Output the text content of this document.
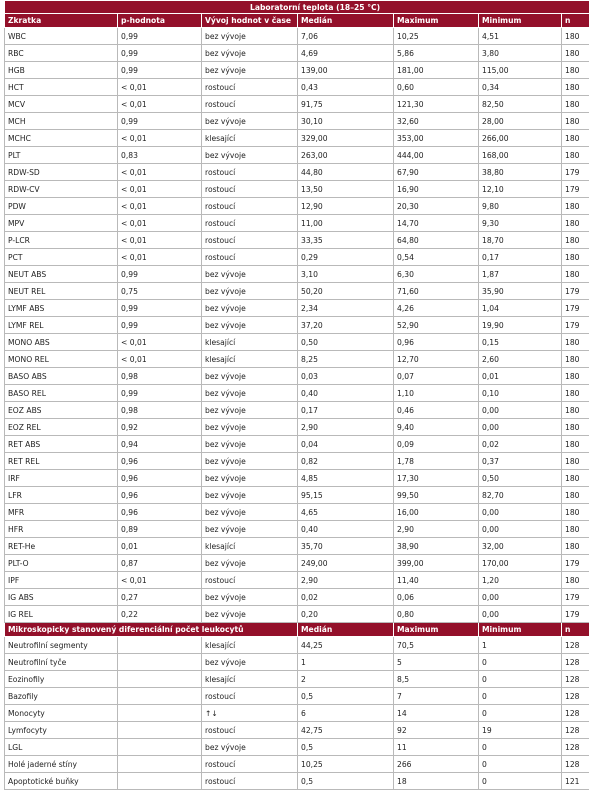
Laboratorní teplota (18–25 °C)						
Zkratka	p-hodnota	Vývoj hodnot v čase	Medián	Maximum	Minimum	n
WBC	0,99	bez vývoje	7,06	10,25	4,51	180
RBC	0,99	bez vývoje	4,69	5,86	3,80	180
HGB	0,99	bez vývoje	139,00	181,00	115,00	180
HCT	< 0,01	rostoucí	0,43	0,60	0,34	180
MCV	< 0,01	rostoucí	91,75	121,30	82,50	180
MCH	0,99	bez vývoje	30,10	32,60	28,00	180
MCHC	< 0,01	klesající	329,00	353,00	266,00	180
PLT	0,83	bez vývoje	263,00	444,00	168,00	180
RDW-SD	< 0,01	rostoucí	44,80	67,90	38,80	179
RDW-CV	< 0,01	rostoucí	13,50	16,90	12,10	179
PDW	< 0,01	rostoucí	12,90	20,30	9,80	180
MPV	< 0,01	rostoucí	11,00	14,70	9,30	180
P-LCR	< 0,01	rostoucí	33,35	64,80	18,70	180
PCT	< 0,01	rostoucí	0,29	0,54	0,17	180
NEUT ABS	0,99	bez vývoje	3,10	6,30	1,87	180
NEUT REL	0,75	bez vývoje	50,20	71,60	35,90	179
LYMF ABS	0,99	bez vývoje	2,34	4,26	1,04	179
LYMF REL	0,99	bez vývoje	37,20	52,90	19,90	179
MONO ABS	< 0,01	klesající	0,50	0,96	0,15	180
MONO REL	< 0,01	klesající	8,25	12,70	2,60	180
BASO ABS	0,98	bez vývoje	0,03	0,07	0,01	180
BASO REL	0,99	bez vývoje	0,40	1,10	0,10	180
EOZ ABS	0,98	bez vývoje	0,17	0,46	0,00	180
EOZ REL	0,92	bez vývoje	2,90	9,40	0,00	180
RET ABS	0,94	bez vývoje	0,04	0,09	0,02	180
RET REL	0,96	bez vývoje	0,82	1,78	0,37	180
IRF	0,96	bez vývoje	4,85	17,30	0,50	180
LFR	0,96	bez vývoje	95,15	99,50	82,70	180
MFR	0,96	bez vývoje	4,65	16,00	0,00	180
HFR	0,89	bez vývoje	0,40	2,90	0,00	180
RET-He	0,01	klesající	35,70	38,90	32,00	180
PLT-O	0,87	bez vývoje	249,00	399,00	170,00	179
IPF	< 0,01	rostoucí	2,90	11,40	1,20	180
IG ABS	0,27	bez vývoje	0,02	0,06	0,00	179
IG REL	0,22	bez vývoje	0,20	0,80	0,00	179
Mikroskopicky stanovený diferenciální počet leukocytů			Medián	Maximum	Minimum	n
Neutrofilní segmenty		klesající	44,25	70,5	1	128
Neutrofilní tyče		bez vývoje	1	5	0	128
Eozinofily		klesající	2	8,5	0	128
Bazofily		rostoucí	0,5	7	0	128
Monocyty		↑↓	6	14	0	128
Lymfocyty		rostoucí	42,75	92	19	128
LGL		bez vývoje	0,5	11	0	128
Holé jaderné stíny		rostoucí	10,25	266	0	128
Apoptotické buňky		rostoucí	0,5	18	0	121
